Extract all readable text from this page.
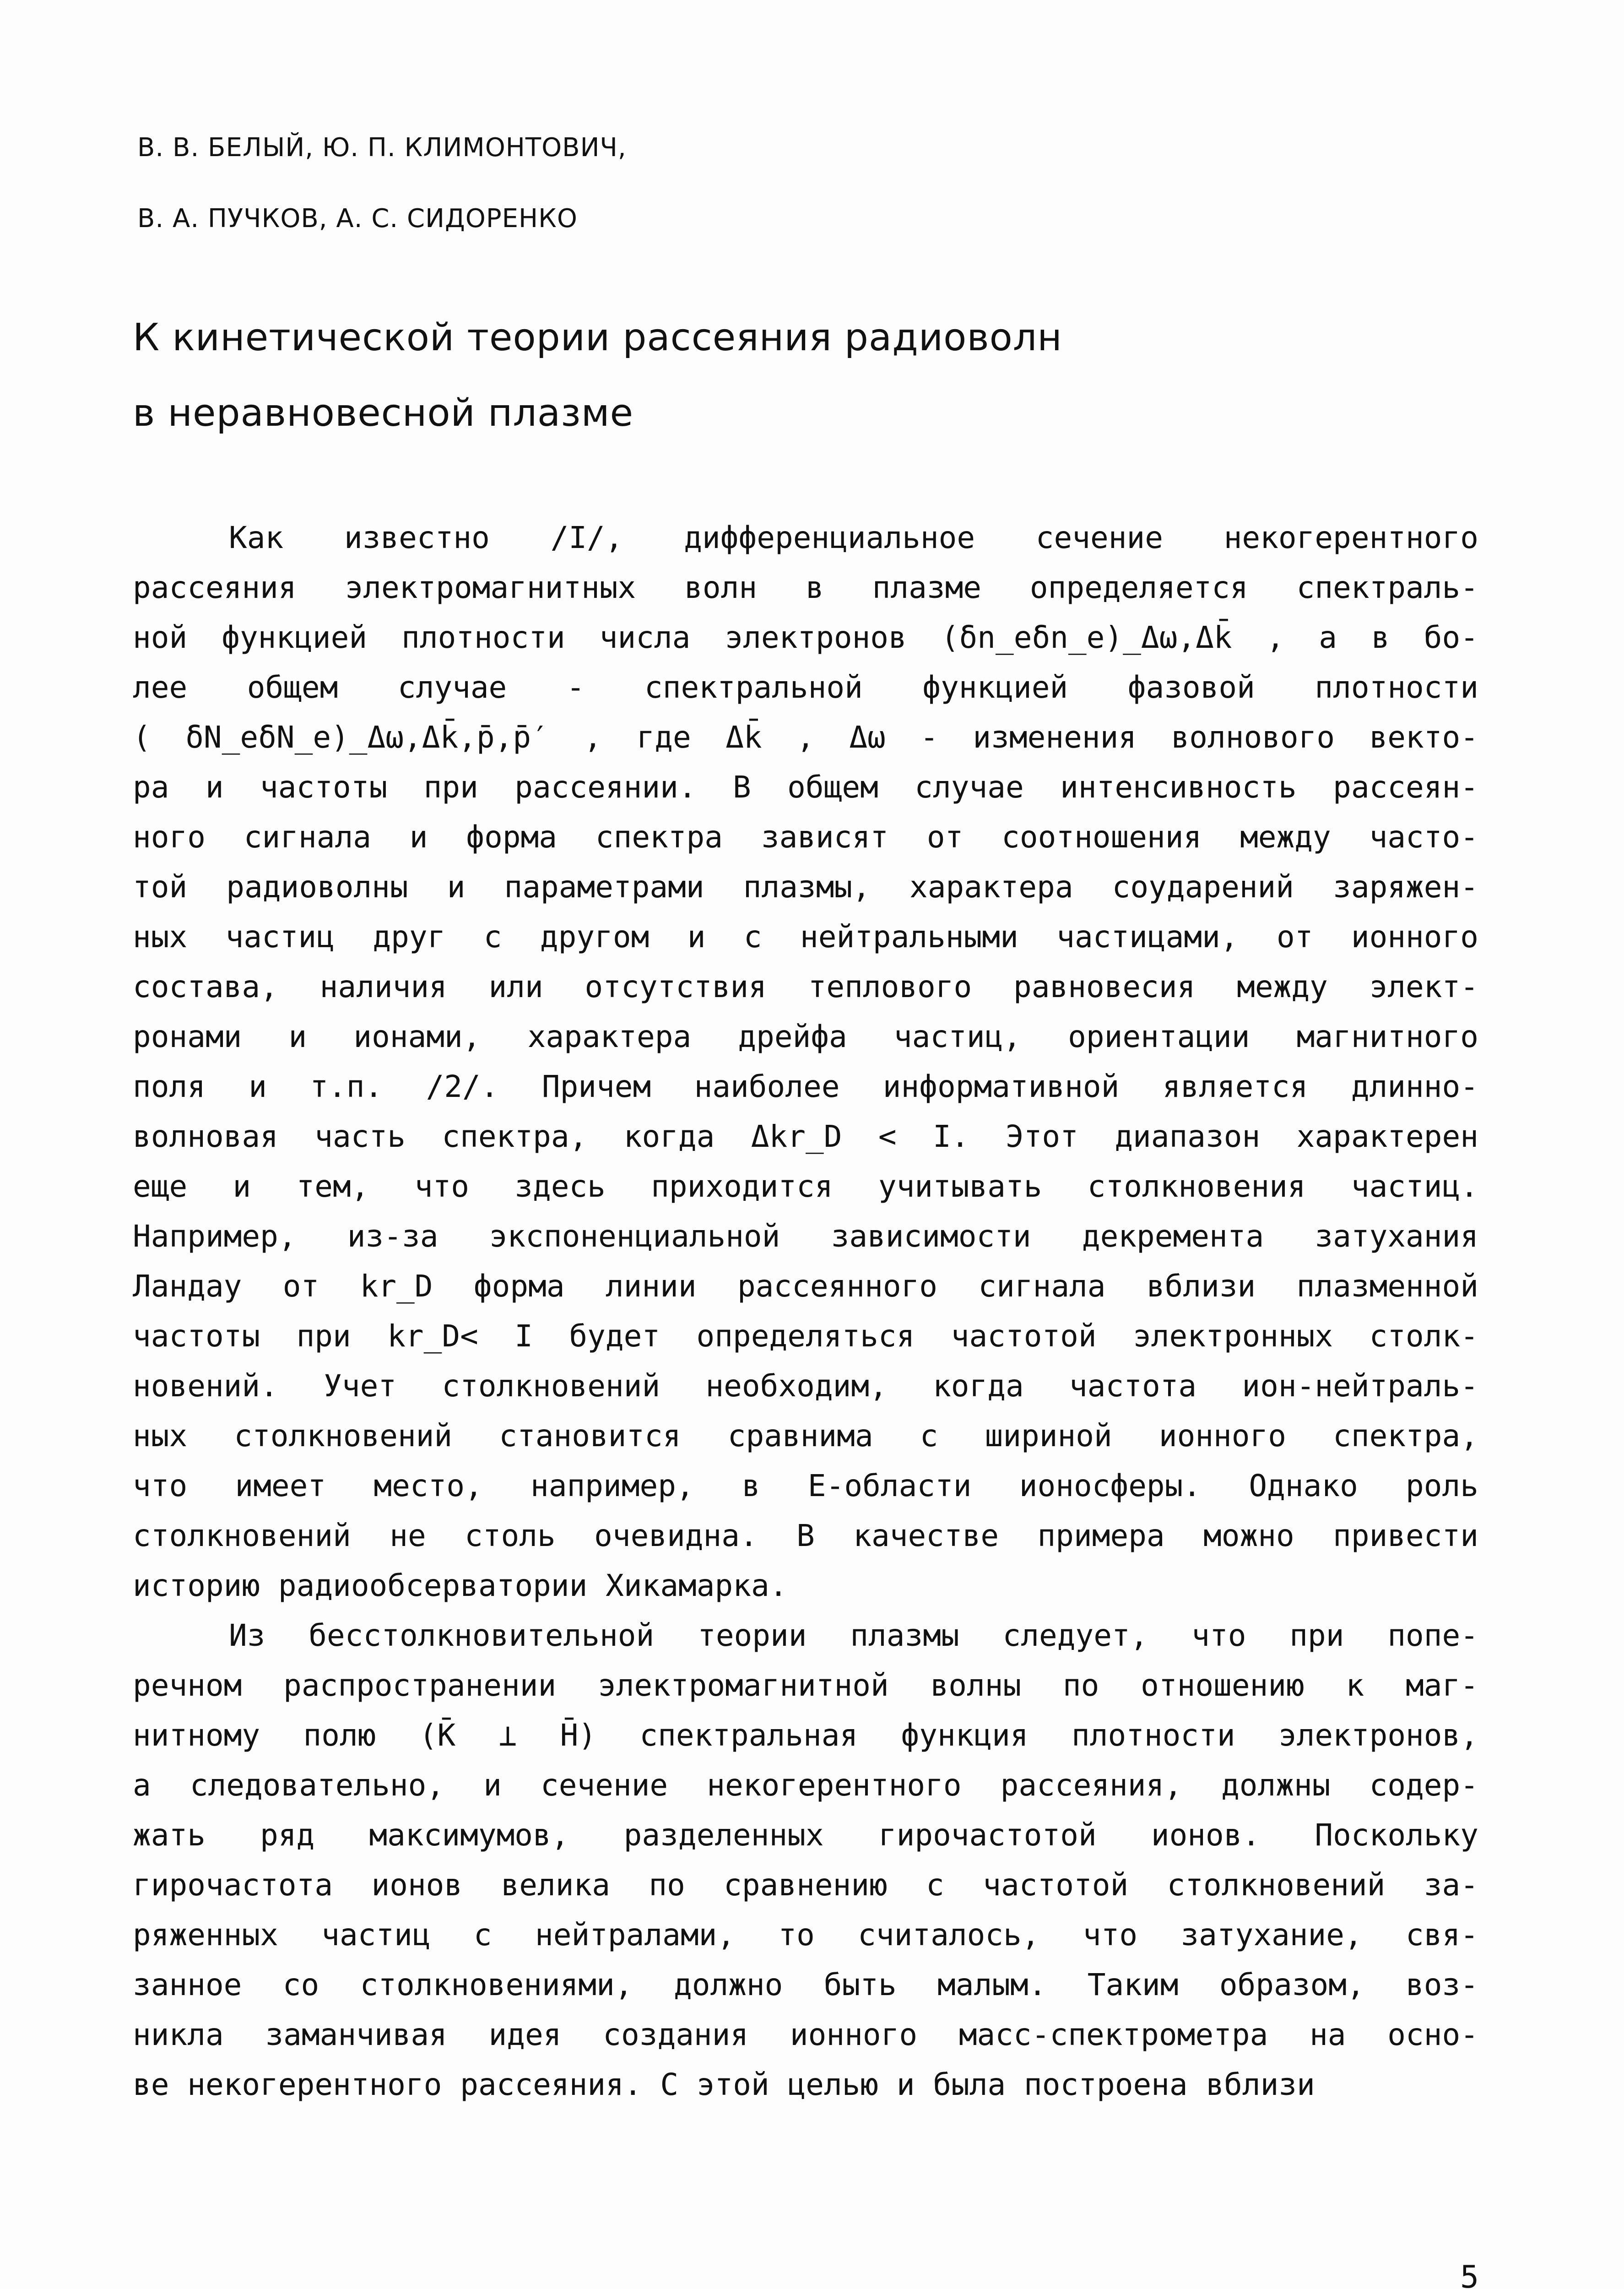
В. В. БЕЛЫЙ, Ю. П. КЛИМОНТОВИЧ,
В. А. ПУЧКОВ, А. С. СИДОРЕНКО
К кинетической теории рассеяния радиоволн
в неравновесной плазме
Как известно /I/, дифференциальное сечение некогерентного
рассеяния электромагнитных волн в плазме определяется спектраль-
ной функцией плотности числа электронов (δn_eδn_e)_Δω,Δk̄ , а в бо-
лее общем случае - спектральной функцией фазовой плотности
( δN_eδN_e)_Δω,Δk̄,p̄,p̄′ , где Δk̄ , Δω - изменения волнового векто-
ра и частоты при рассеянии. В общем случае интенсивность рассеян-
ного сигнала и форма спектра зависят от соотношения между часто-
той радиоволны и параметрами плазмы, характера соударений заряжен-
ных частиц друг с другом и с нейтральными частицами, от ионного
состава, наличия или отсутствия теплового равновесия между элект-
ронами и ионами, характера дрейфа частиц, ориентации магнитного
поля и т.п. /2/. Причем наиболее информативной является длинно-
волновая часть спектра, когда Δkr_D < I. Этот диапазон характерен
еще и тем, что здесь приходится учитывать столкновения частиц.
Например, из-за экспоненциальной зависимости декремента затухания
Ландау от kr_D форма линии рассеянного сигнала вблизи плазменной
частоты при kr_D< I будет определяться частотой электронных столк-
новений. Учет столкновений необходим, когда частота ион-нейтраль-
ных столкновений становится сравнима с шириной ионного спектра,
что имеет место, например, в Е-области ионосферы. Однако роль
столкновений не столь очевидна. В качестве примера можно привести
историю радиообсерватории Хикамарка.
Из бесстолкновительной теории плазмы следует, что при попе-
речном распространении электромагнитной волны по отношению к маг-
нитному полю (K̄ ⊥ H̄) спектральная функция плотности электронов,
а следовательно, и сечение некогерентного рассеяния, должны содер-
жать ряд максимумов, разделенных гирочастотой ионов. Поскольку
гирочастота ионов велика по сравнению с частотой столкновений за-
ряженных частиц с нейтралами, то считалось, что затухание, свя-
занное со столкновениями, должно быть малым. Таким образом, воз-
никла заманчивая идея создания ионного масс-спектрометра на осно-
ве некогерентного рассеяния. С этой целью и была построена вблизи
5
